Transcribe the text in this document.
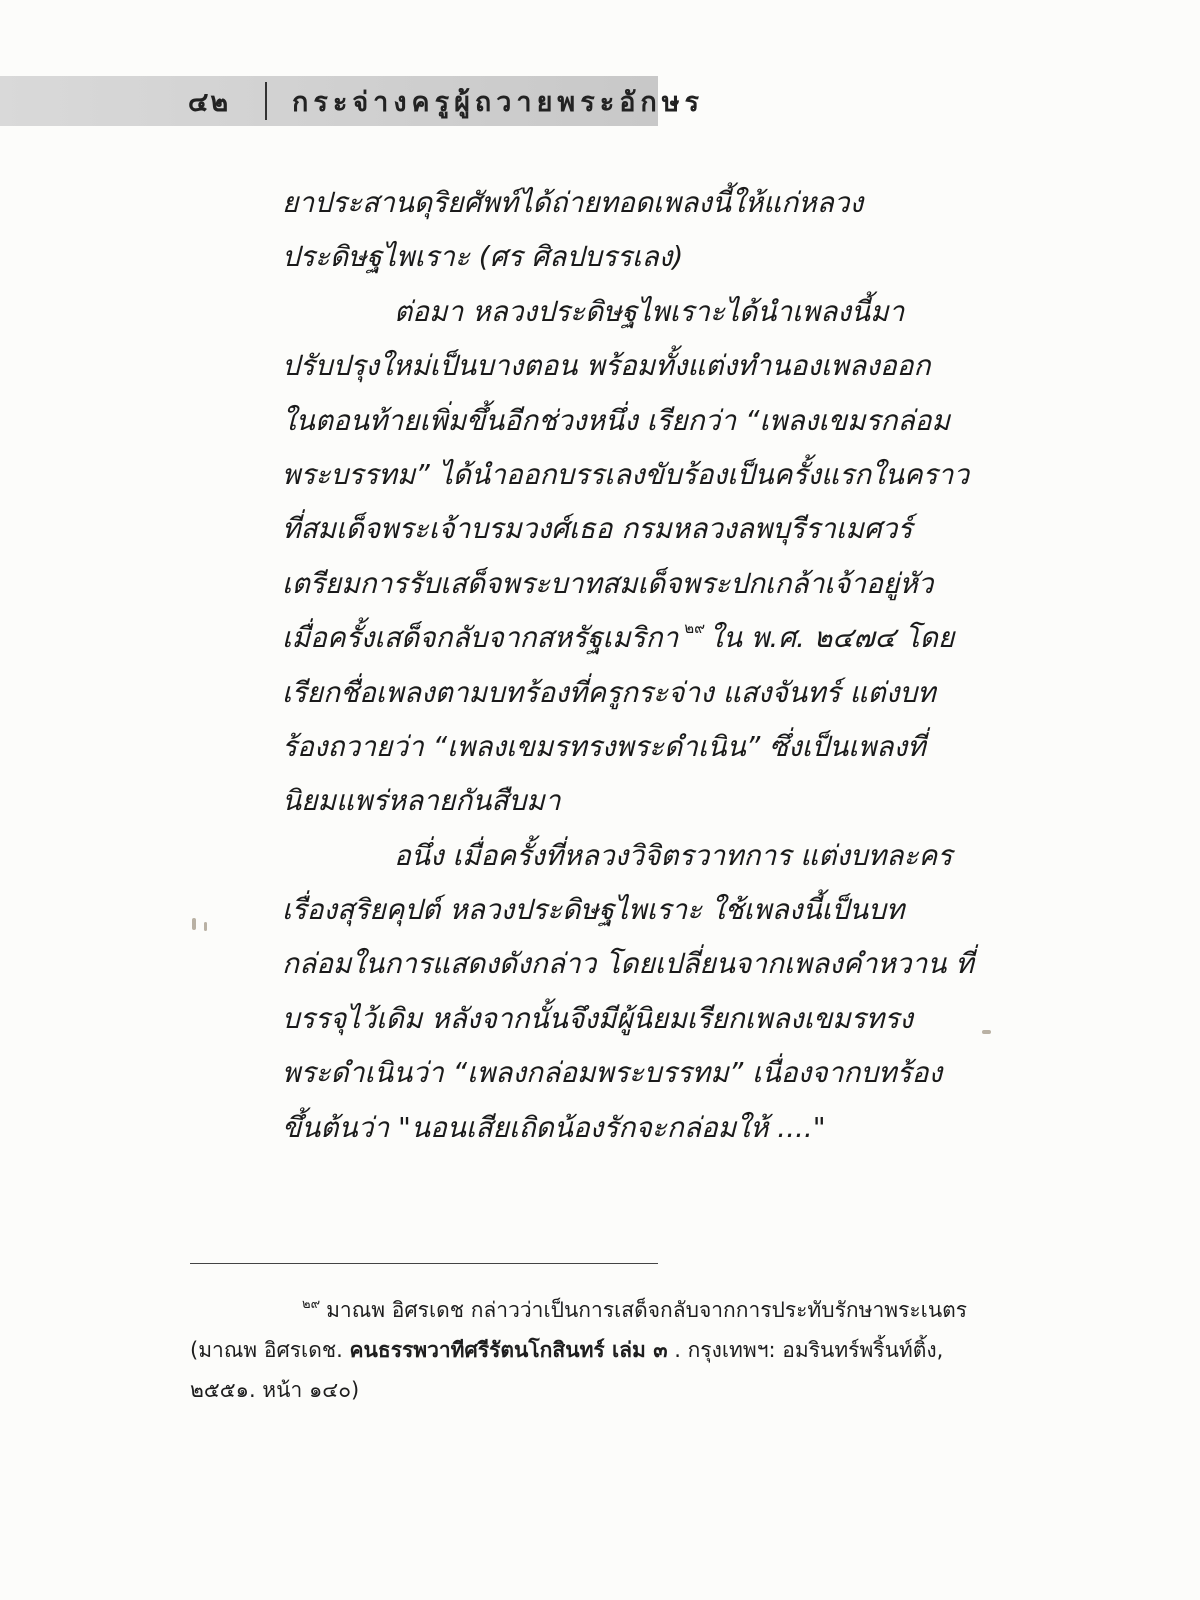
๔๒ กระจ่างครูผู้ถวายพระอักษร
ยาประสานดุริยศัพท์ได้ถ่ายทอดเพลงนี้ให้แก่หลวง
ประดิษฐไพเราะ (ศร ศิลปบรรเลง)
ต่อมา หลวงประดิษฐไพเราะได้นำเพลงนี้มา
ปรับปรุงใหม่เป็นบางตอน พร้อมทั้งแต่งทำนองเพลงออก
ในตอนท้ายเพิ่มขึ้นอีกช่วงหนึ่ง เรียกว่า “เพลงเขมรกล่อม
พระบรรทม” ได้นำออกบรรเลงขับร้องเป็นครั้งแรกในคราว
ที่สมเด็จพระเจ้าบรมวงศ์เธอ กรมหลวงลพบุรีราเมศวร์
เตรียมการรับเสด็จพระบาทสมเด็จพระปกเกล้าเจ้าอยู่หัว
เมื่อครั้งเสด็จกลับจากสหรัฐเมริกา $^{๒๙}$ ใน พ.ศ. ๒๔๗๔ โดย
เรียกชื่อเพลงตามบทร้องที่ครูกระจ่าง แสงจันทร์ แต่งบท
ร้องถวายว่า “เพลงเขมรทรงพระดำเนิน” ซึ่งเป็นเพลงที่
นิยมแพร่หลายกันสืบมา
อนึ่ง เมื่อครั้งที่หลวงวิจิตรวาทการ แต่งบทละคร
เรื่องสุริยคุปต์ หลวงประดิษฐไพเราะ ใช้เพลงนี้เป็นบท
กล่อมในการแสดงดังกล่าว โดยเปลี่ยนจากเพลงคำหวาน ที่
บรรจุไว้เดิม หลังจากนั้นจึงมีผู้นิยมเรียกเพลงเขมรทรง
พระดำเนินว่า “เพลงกล่อมพระบรรทม” เนื่องจากบทร้อง
ขึ้นต้นว่า "นอนเสียเถิดน้องรักจะกล่อมให้ ...."
$^{๒๙}$ มาณพ อิศรเดช กล่าวว่าเป็นการเสด็จกลับจากการประทับรักษาพระเนตร
(มาณพ อิศรเดช. คนธรรพวาทีศรีรัตนโกสินทร์ เล่ม ๓ . กรุงเทพฯ: อมรินทร์พริ้นท์ติ้ง,
๒๕๕๑. หน้า ๑๔๐)
